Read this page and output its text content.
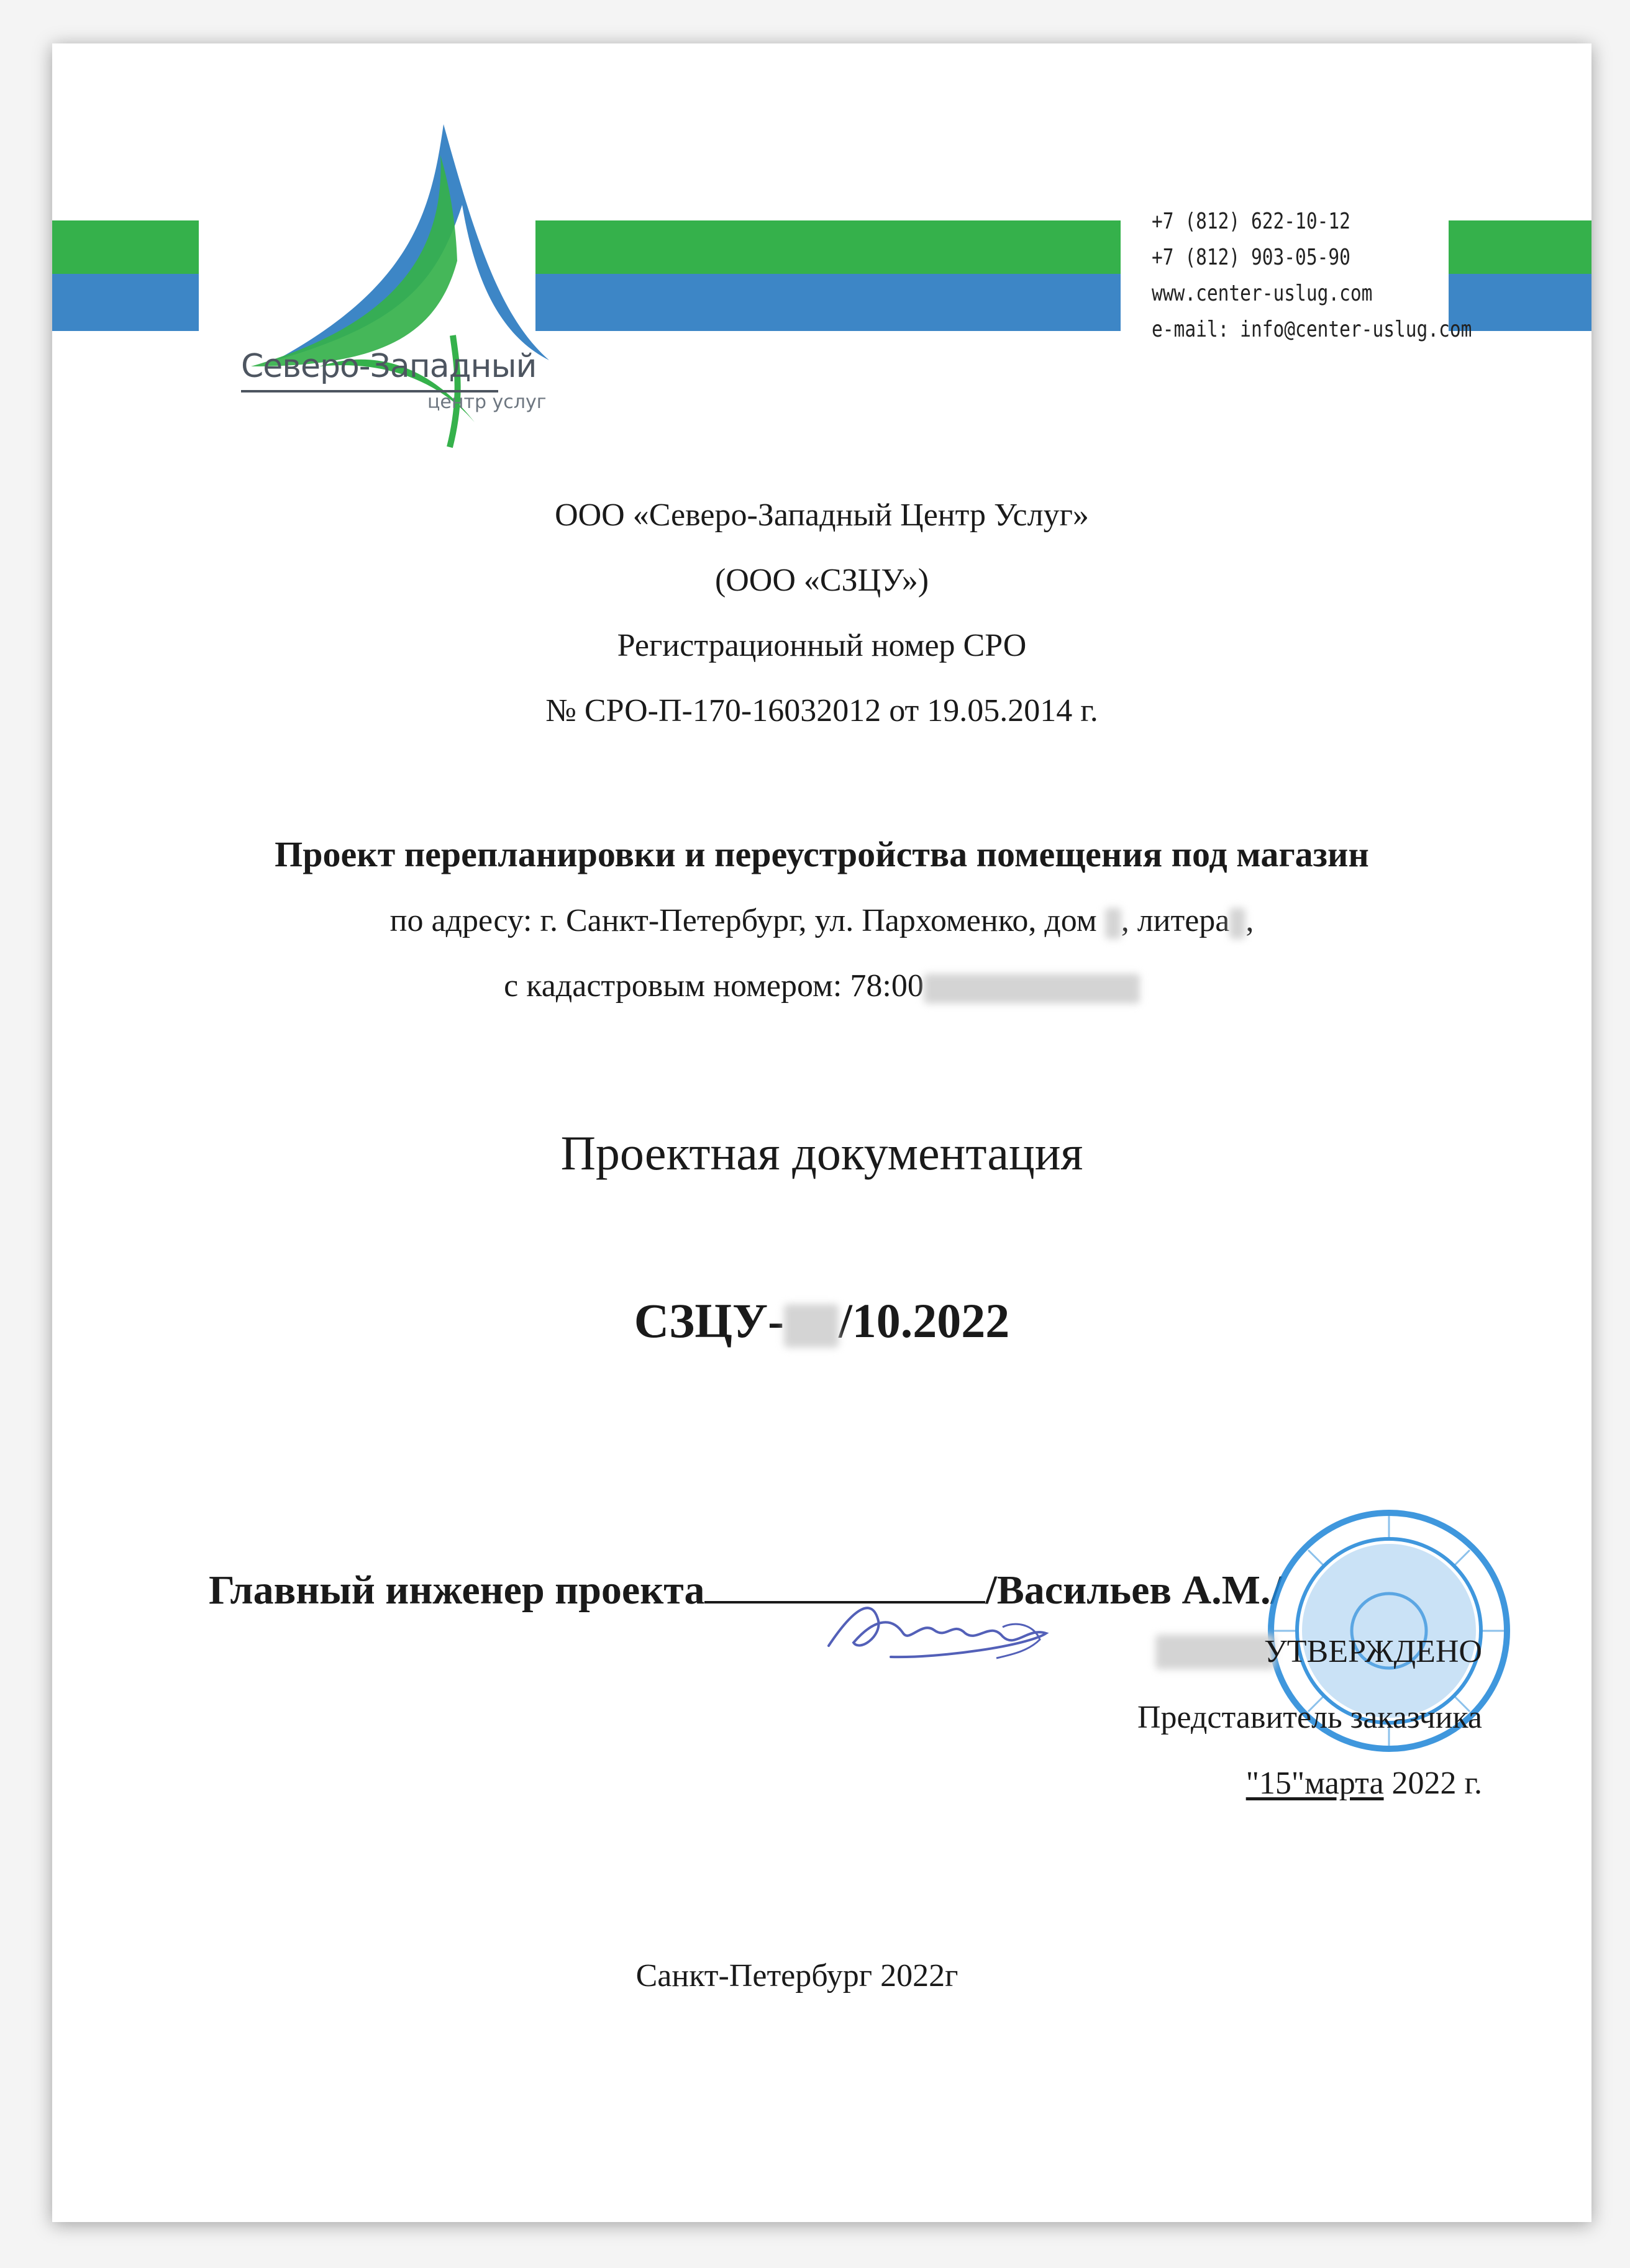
Северо-Западный
центр услуг
+7 (812) 622-10-12
+7 (812) 903-05-90
www.center-uslug.com
e-mail: info@center-uslug.com
ООО «Северо-Западный Центр Услуг»
(ООО «СЗЦУ»)
Регистрационный номер СРО
№ СРО-П-170-16032012 от 19.05.2014 г.
Проект перепланировки и переустройства помещения под магазин
по адресу: г. Санкт-Петербург, ул. Пархоменко, дом , литера ,
с кадастровым номером: 78:00
Проектная документация
СЗЦУ- /10.2022
Главный инженер проекта	/Васильев А.М./
УТВЕРЖДЕНО
Представитель заказчика
"15"марта 2022 г.
Санкт-Петербург 2022г
